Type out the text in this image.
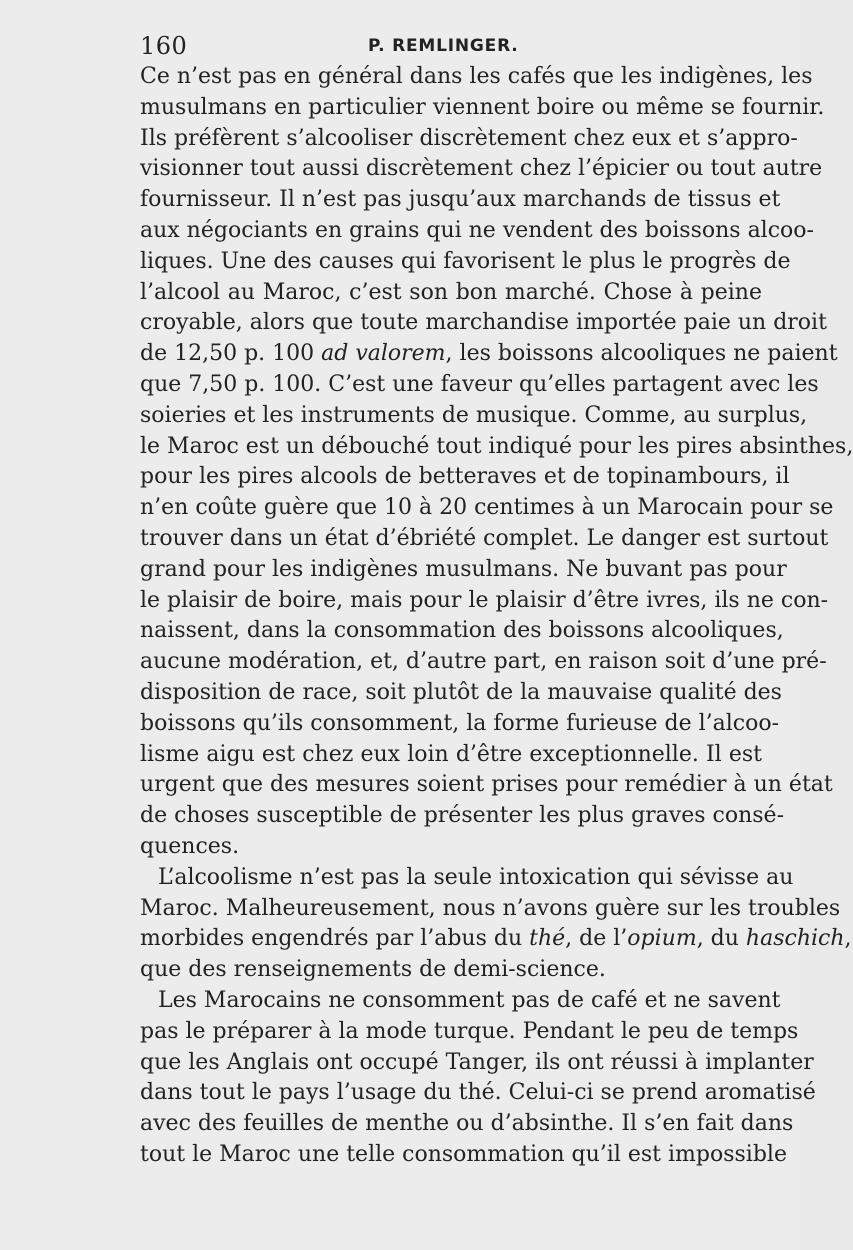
160	P. REMLINGER.
Ce n’est pas en général dans les cafés que les indigènes, les
musulmans en particulier viennent boire ou même se fournir.
Ils préfèrent s’alcooliser discrètement chez eux et s’appro-
visionner tout aussi discrètement chez l’épicier ou tout autre
fournisseur. Il n’est pas jusqu’aux marchands de tissus et
aux négociants en grains qui ne vendent des boissons alcoo-
liques. Une des causes qui favorisent le plus le progrès de
l’alcool au Maroc, c’est son bon marché. Chose à peine
croyable, alors que toute marchandise importée paie un droit
de 12,50 p. 100 ad valorem, les boissons alcooliques ne paient
que 7,50 p. 100. C’est une faveur qu’elles partagent avec les
soieries et les instruments de musique. Comme, au surplus,
le Maroc est un débouché tout indiqué pour les pires absinthes,
pour les pires alcools de betteraves et de topinambours, il
n’en coûte guère que 10 à 20 centimes à un Marocain pour se
trouver dans un état d’ébriété complet. Le danger est surtout
grand pour les indigènes musulmans. Ne buvant pas pour
le plaisir de boire, mais pour le plaisir d’être ivres, ils ne con-
naissent, dans la consommation des boissons alcooliques,
aucune modération, et, d’autre part, en raison soit d’une pré-
disposition de race, soit plutôt de la mauvaise qualité des
boissons qu’ils consomment, la forme furieuse de l’alcoo-
lisme aigu est chez eux loin d’être exceptionnelle. Il est
urgent que des mesures soient prises pour remédier à un état
de choses susceptible de présenter les plus graves consé-
quences.
L’alcoolisme n’est pas la seule intoxication qui sévisse au
Maroc. Malheureusement, nous n’avons guère sur les troubles
morbides engendrés par l’abus du thé, de l’opium, du haschich,
que des renseignements de demi-science.
Les Marocains ne consomment pas de café et ne savent
pas le préparer à la mode turque. Pendant le peu de temps
que les Anglais ont occupé Tanger, ils ont réussi à implanter
dans tout le pays l’usage du thé. Celui-ci se prend aromatisé
avec des feuilles de menthe ou d’absinthe. Il s’en fait dans
tout le Maroc une telle consommation qu’il est impossible
